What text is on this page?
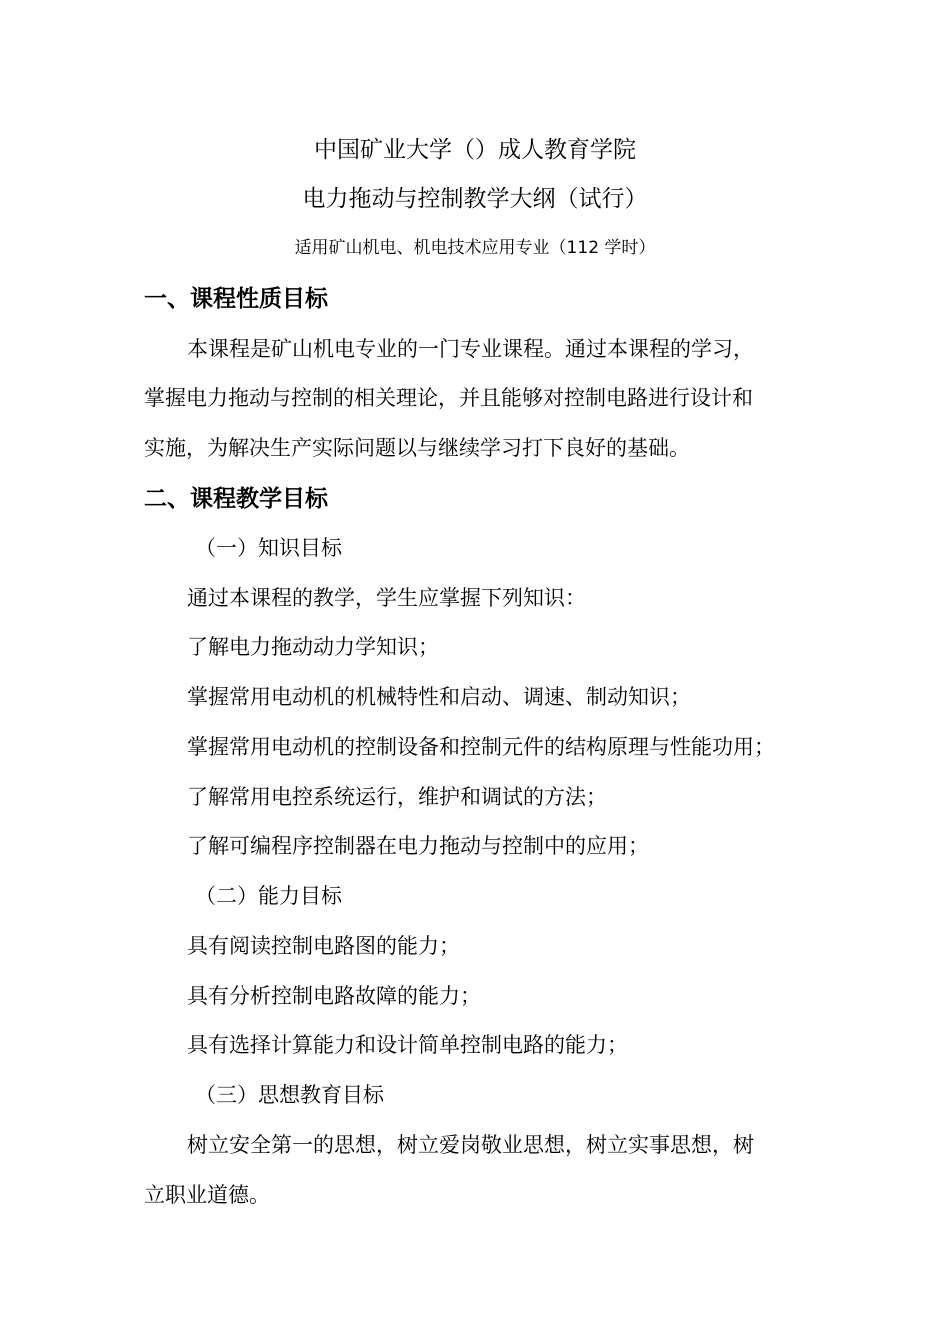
中国矿业大学（）成人教育学院
电力拖动与控制教学大纲（试行）
适用矿山机电、机电技术应用专业（112 学时）
一、课程性质目标
本课程是矿山机电专业的一门专业课程。通过本课程的学习，
掌握电力拖动与控制的相关理论，并且能够对控制电路进行设计和
实施，为解决生产实际问题以与继续学习打下良好的基础。
二、课程教学目标
（一）知识目标
通过本课程的教学，学生应掌握下列知识：
了解电力拖动动力学知识；
掌握常用电动机的机械特性和启动、调速、制动知识；
掌握常用电动机的控制设备和控制元件的结构原理与性能功用；
了解常用电控系统运行，维护和调试的方法；
了解可编程序控制器在电力拖动与控制中的应用；
（二）能力目标
具有阅读控制电路图的能力；
具有分析控制电路故障的能力；
具有选择计算能力和设计简单控制电路的能力；
（三）思想教育目标
树立安全第一的思想，树立爱岗敬业思想，树立实事思想，树
立职业道德。
